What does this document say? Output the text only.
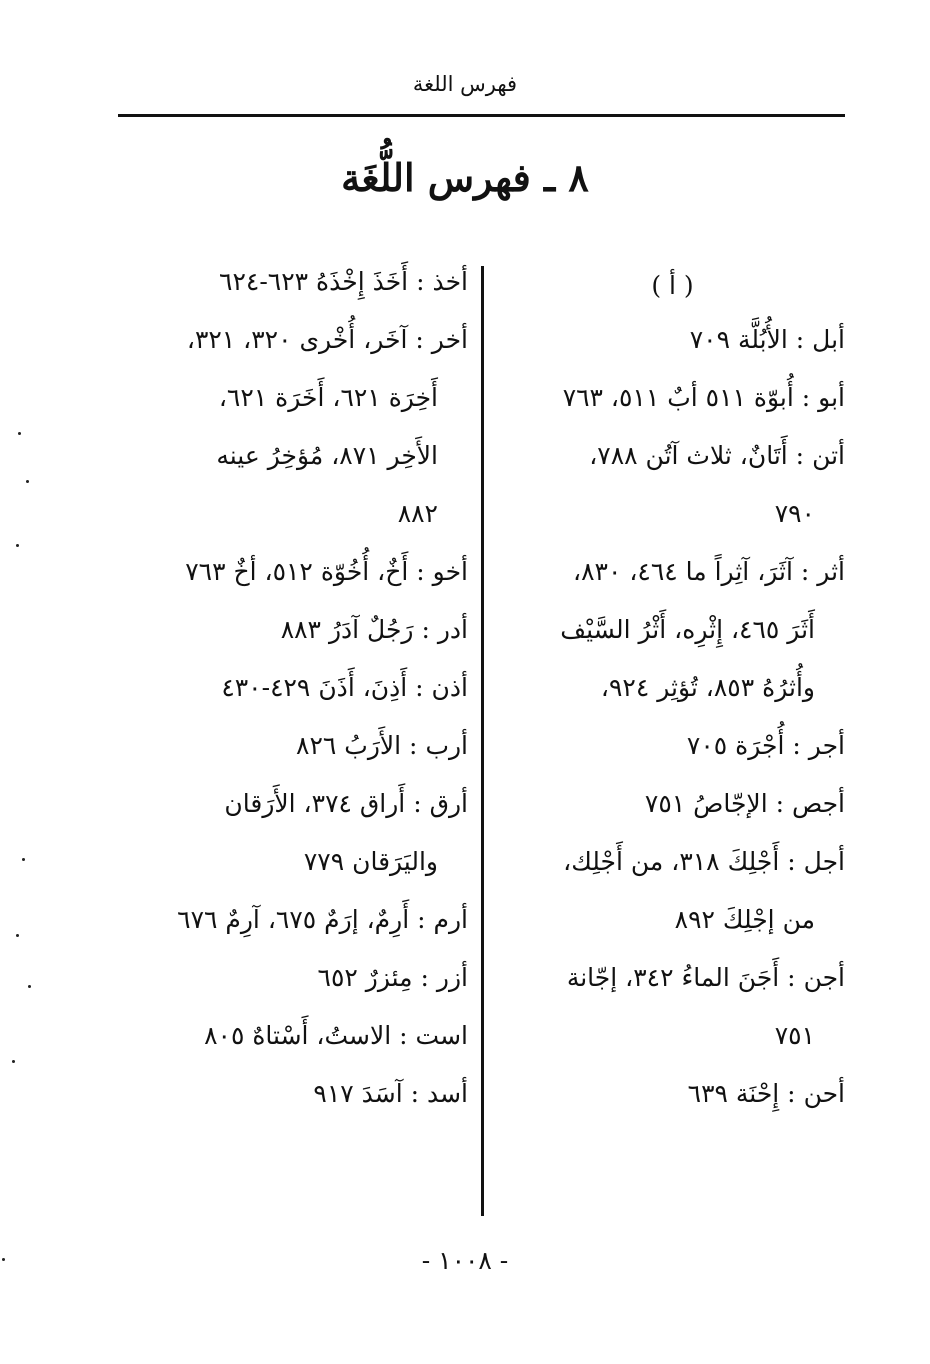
فهرس اللغة
٨ ـ فهرس اللُّغَة
( أ )
أبل : الأُبُلَّة ٧٠٩
أبو : أُبوّة ٥١١ أبٌ ٥١١، ٧٦٣
أتن : أَتَانٌ، ثلاث آتُن ٧٨٨،
٧٩٠
أثر : آثَرَ، آثِراً ما ٤٦٤، ٨٣٠،
أَثَرَ ٤٦٥، إِثْرِه، أَثْرُ السَّيْف
وأُثرُهُ ٨٥٣، تُؤثِر ٩٢٤،
أجر : أُجْرَة ٧٠٥
أجص : الإجّاصُ ٧٥١
أجل : أَجْلِكَ ٣١٨، من أَجْلِك،
من إجْلِكَ ٨٩٢
أجن : أَجَنَ الماءُ ٣٤٢، إجّانة
٧٥١
أحن : إِحْنَة ٦٣٩
أخذ : أَخَذَ إِخْذَهُ ٦٢٣-٦٢٤
أخر : آخَر، أُخْرى ٣٢٠، ٣٢١،
أَخِرَة ٦٢١، أَخَرَة ٦٢١،
الأَخِر ٨٧١، مُؤخِرُ عينه
٨٨٢
أخو : أَخٌ، أُخُوّة ٥١٢، أخٌ ٧٦٣
أدر : رَجُلٌ آدَرُ ٨٨٣
أذن : أَذِنَ، أَذَنَ ٤٢٩-٤٣٠
أرب : الأَرَبُ ٨٢٦
أرق : أَراق ٣٧٤، الأَرَقان
واليَرَقان ٧٧٩
أرم : أَرِمٌ، إرَمٌ ٦٧٥، آرِمٌ ٦٧٦
أزر : مِئزرٌ ٦٥٢
است : الاستُ، أَسْتاهٌ ٨٠٥
أسد : آسَدَ ٩١٧
- ١٠٠٨ -
